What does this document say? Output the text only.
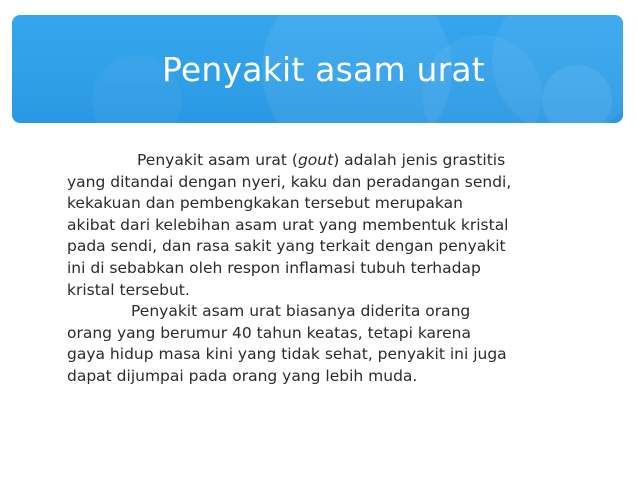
Penyakit asam urat
Penyakit asam urat (gout) adalah jenis grastitis
yang ditandai dengan nyeri, kaku dan peradangan sendi,
kekakuan dan pembengkakan tersebut merupakan
akibat dari kelebihan asam urat yang membentuk kristal
pada sendi, dan rasa sakit yang terkait dengan penyakit
ini di sebabkan oleh respon inflamasi tubuh terhadap
kristal tersebut.
Penyakit asam urat biasanya diderita orang
orang yang berumur 40 tahun keatas, tetapi karena
gaya hidup masa kini yang tidak sehat, penyakit ini juga
dapat dijumpai pada orang yang lebih muda.
